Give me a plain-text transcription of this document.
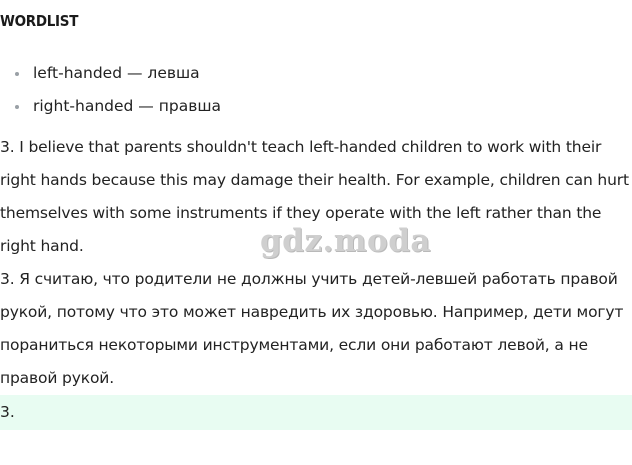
WORDLIST
left-handed — левша
right-handed — правша
3. I believe that parents shouldn't teach left-handed children to work with their right hands because this may damage their health. For example, children can hurt themselves with some instruments if they operate with the left rather than the right hand.
3. Я считаю, что родители не должны учить детей-левшей работать правой рукой, потому что это может навредить их здоровью. Например, дети могут пораниться некоторыми инструментами, если они работают левой, а не правой рукой.
gdz.moda
3.
